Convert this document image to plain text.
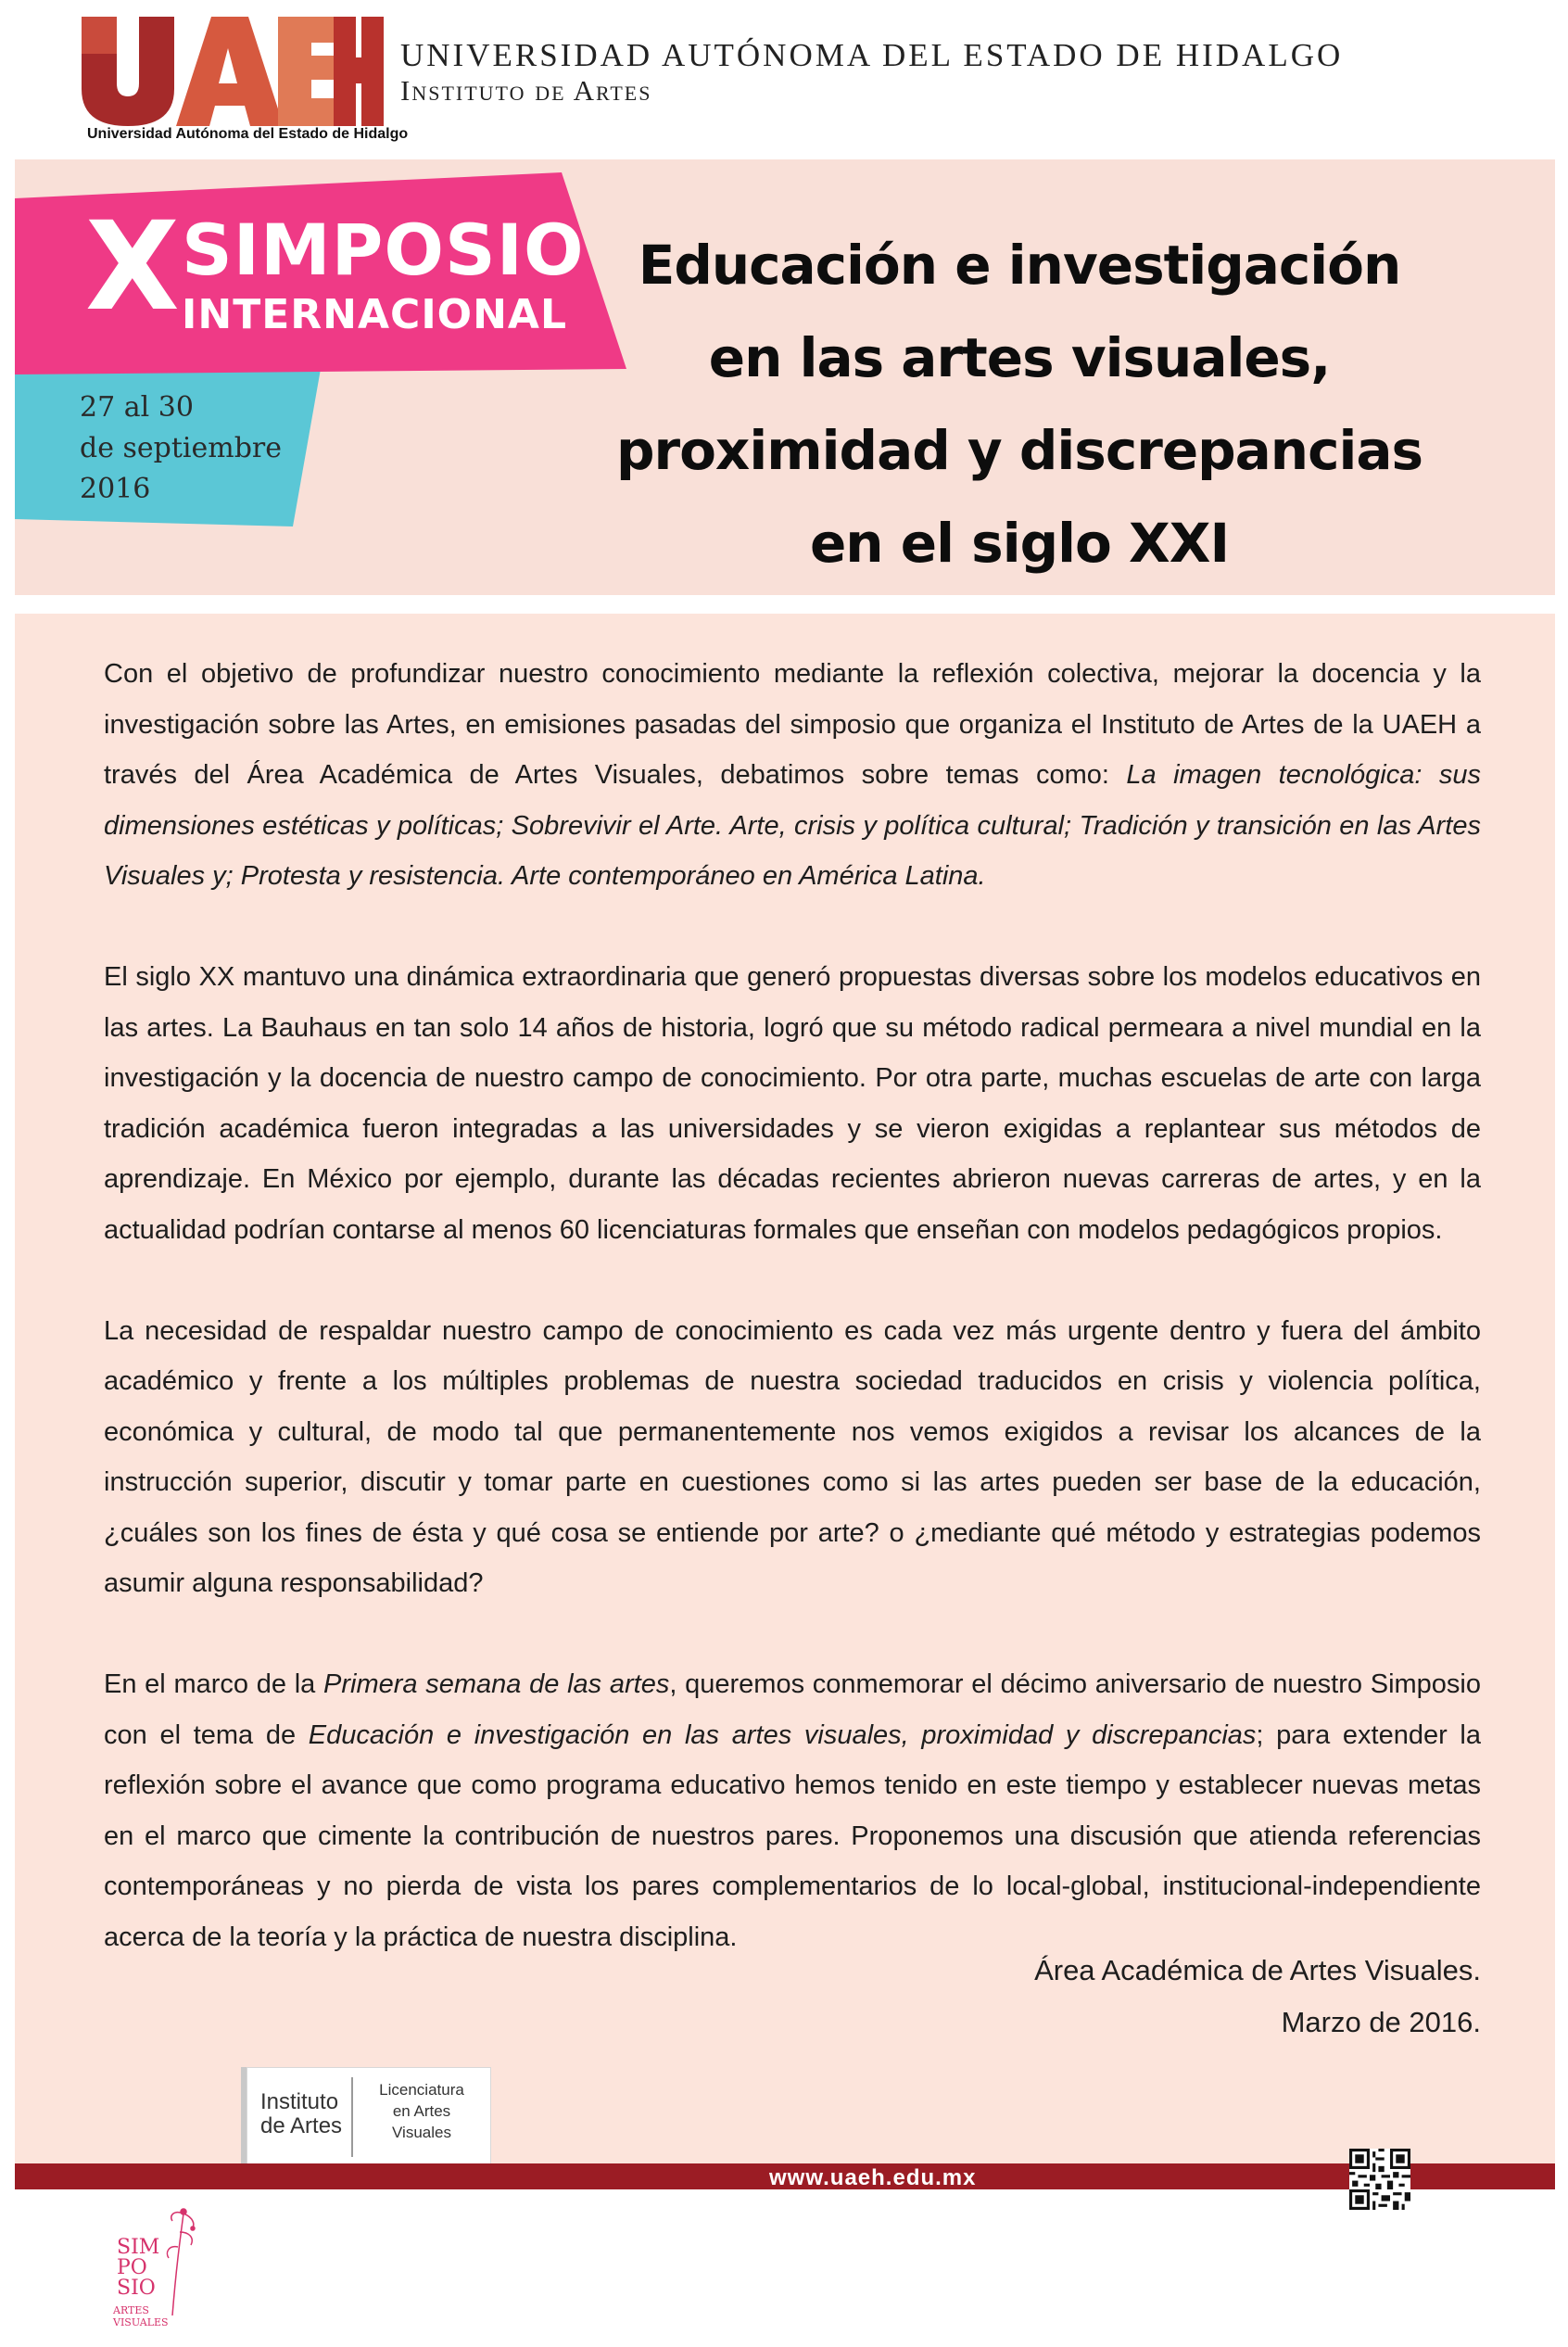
Universidad Autónoma del Estado de Hidalgo
UNIVERSIDAD AUTÓNOMA DEL ESTADO DE HIDALGO
Instituto de Artes
X SIMPOSIO
INTERNACIONAL
27 al 30
de septiembre
2016
Educación e investigación
en las artes visuales,
proximidad y discrepancias
en el siglo XXI

Con el objetivo de profundizar nuestro conocimiento mediante la reflexión colectiva, mejorar la docencia y la investigación sobre las Artes, en emisiones pasadas del simposio que organiza el Instituto de Artes de la UAEH a través del Área Académica de Artes Visuales, debatimos sobre temas como: La imagen tecnológica: sus dimensiones estéticas y políticas; Sobrevivir el Arte. Arte, crisis y política cultural; Tradición y transición en las Artes Visuales y; Protesta y resistencia. Arte contemporáneo en América Latina.

El siglo XX mantuvo una dinámica extraordinaria que generó propuestas diversas sobre los modelos educativos en las artes. La Bauhaus en tan solo 14 años de historia, logró que su método radical permeara a nivel mundial en la investigación y la docencia de nuestro campo de conocimiento. Por otra parte, muchas escuelas de arte con larga tradición académica fueron integradas a las universidades y se vieron exigidas a replantear sus métodos de aprendizaje. En México por ejemplo, durante las décadas recientes abrieron nuevas carreras de artes, y en la actualidad podrían contarse al menos 60 licenciaturas formales que enseñan con modelos pedagógicos propios.

La necesidad de respaldar nuestro campo de conocimiento es cada vez más urgente dentro y fuera del ámbito académico y frente a los múltiples problemas de nuestra sociedad traducidos en crisis y violencia política, económica y cultural, de modo tal que permanentemente nos vemos exigidos a revisar los alcances de la instrucción superior, discutir y tomar parte en cuestiones como si las artes pueden ser base de la educación, ¿cuáles son los fines de ésta y qué cosa se entiende por arte? o ¿mediante qué método y estrategias podemos asumir alguna responsabilidad?

En el marco de la Primera semana de las artes, queremos conmemorar el décimo aniversario de nuestro Simposio con el tema de Educación e investigación en las artes visuales, proximidad y discrepancias; para extender la reflexión sobre el avance que como programa educativo hemos tenido en este tiempo y establecer nuevas metas en el marco que cimente la contribución de nuestros pares. Proponemos una discusión que atienda referencias contemporáneas y no pierda de vista los pares complementarios de lo local-global, institucional-independiente acerca de la teoría y la práctica de nuestra disciplina.

Área Académica de Artes Visuales.
Marzo de 2016.
Instituto
de Artes
Licenciatura
en Artes
Visuales
www.uaeh.edu.mx
SIM
PO
SIO
ARTES
VISUALES
